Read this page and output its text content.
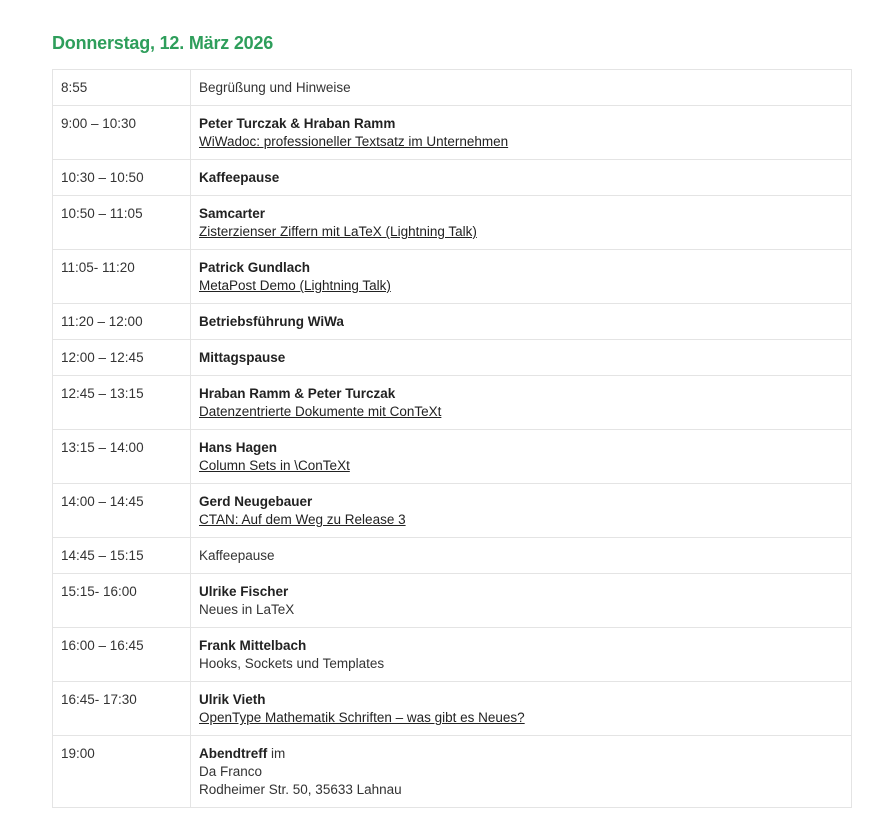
Donnerstag, 12. März 2026
8:55	Begrüßung und Hinweise
9:00 – 10:30	Peter Turczak & Hraban Ramm
WiWadoc: professioneller Textsatz im Unternehmen
10:30 – 10:50	Kaffeepause
10:50 – 11:05	Samcarter
Zisterzienser Ziffern mit LaTeX (Lightning Talk)
11:05- 11:20	Patrick Gundlach
MetaPost Demo (Lightning Talk)
11:20 – 12:00	Betriebsführung WiWa
12:00 – 12:45	Mittagspause
12:45 – 13:15	Hraban Ramm & Peter Turczak
Datenzentrierte Dokumente mit ConTeXt
13:15 – 14:00	Hans Hagen
Column Sets in \ConTeXt
14:00 – 14:45	Gerd Neugebauer
CTAN: Auf dem Weg zu Release 3
14:45 – 15:15	Kaffeepause
15:15- 16:00	Ulrike Fischer
Neues in LaTeX
16:00 – 16:45	Frank Mittelbach
Hooks, Sockets und Templates
16:45- 17:30	Ulrik Vieth
OpenType Mathematik Schriften – was gibt es Neues?
19:00	Abendtreff im
Da Franco
Rodheimer Str. 50, 35633 Lahnau
